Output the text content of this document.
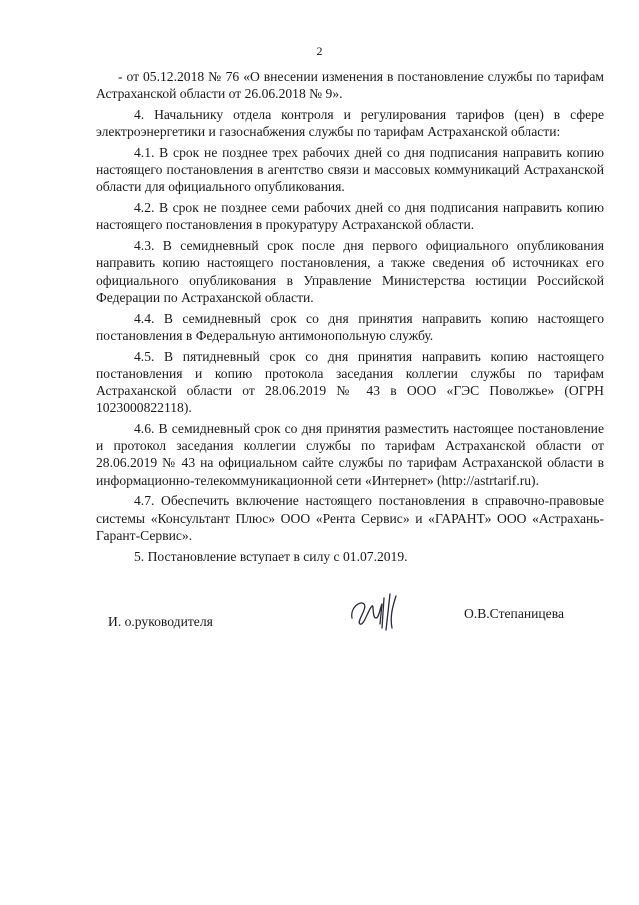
2

- от 05.12.2018 № 76 «О внесении изменения в постановление службы по тарифам Астраханской области от 26.06.2018 № 9».

4. Начальнику отдела контроля и регулирования тарифов (цен) в сфере электроэнергетики и газоснабжения службы по тарифам Астраханской области:

4.1. В срок не позднее трех рабочих дней со дня подписания направить копию настоящего постановления в агентство связи и массовых коммуникаций Астраханской области для официального опубликования.

4.2. В срок не позднее семи рабочих дней со дня подписания направить копию настоящего постановления в прокуратуру Астраханской области.

4.3. В семидневный срок после дня первого официального опубликования направить копию настоящего постановления, а также сведения об источниках его официального опубликования в Управление Министерства юстиции Российской Федерации по Астраханской области.

4.4. В семидневный срок со дня принятия направить копию настоящего постановления в Федеральную антимонопольную службу.

4.5. В пятидневный срок со дня принятия направить копию настоящего постановления и копию протокола заседания коллегии службы по тарифам Астраханской области от 28.06.2019 № 43 в ООО «ГЭС Поволжье» (ОГРН 1023000822118).

4.6. В семидневный срок со дня принятия разместить настоящее постановление и протокол заседания коллегии службы по тарифам Астраханской области от 28.06.2019 № 43 на официальном сайте службы по тарифам Астраханской области в информационно-телекоммуникационной сети «Интернет» (http://astrtarif.ru).

4.7. Обеспечить включение настоящего постановления в справочно-правовые системы «Консультант Плюс» ООО «Рента Сервис» и «ГАРАНТ» ООО «Астрахань-Гарант-Сервис».

5. Постановление вступает в силу с 01.07.2019.

И. о.руководителя
О.В.Степаницева
